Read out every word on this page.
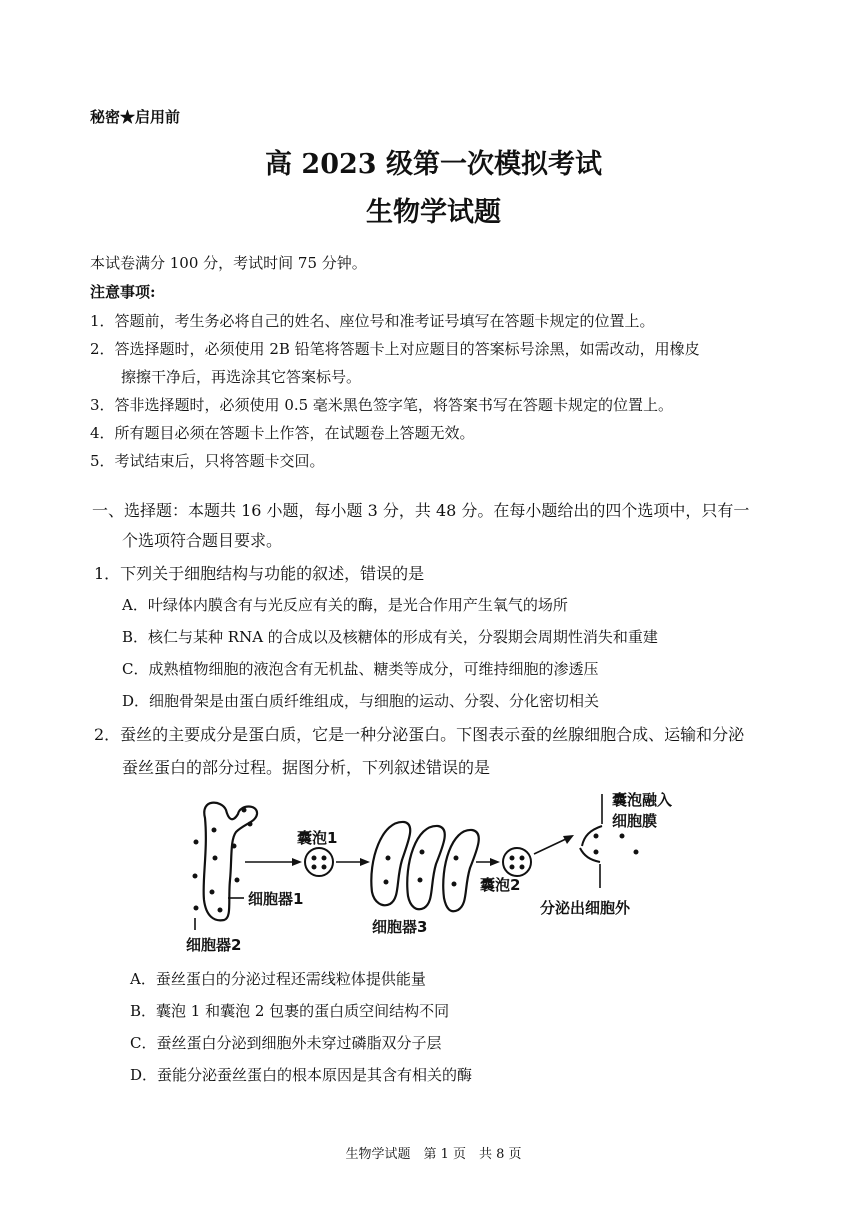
秘密★启用前
高 2023 级第一次模拟考试
生物学试题
本试卷满分 100 分，考试时间 75 分钟。
注意事项:
1．答题前，考生务必将自己的姓名、座位号和准考证号填写在答题卡规定的位置上。
2．答选择题时，必须使用 2B 铅笔将答题卡上对应题目的答案标号涂黑，如需改动，用橡皮
擦擦干净后，再选涂其它答案标号。
3．答非选择题时，必须使用 0.5 毫米黑色签字笔，将答案书写在答题卡规定的位置上。
4．所有题目必须在答题卡上作答，在试题卷上答题无效。
5．考试结束后，只将答题卡交回。
一、选择题：本题共 16 小题，每小题 3 分，共 48 分。在每小题给出的四个选项中，只有一
个选项符合题目要求。
1．下列关于细胞结构与功能的叙述，错误的是
A．叶绿体内膜含有与光反应有关的酶，是光合作用产生氧气的场所
B．核仁与某种 RNA 的合成以及核糖体的形成有关，分裂期会周期性消失和重建
C．成熟植物细胞的液泡含有无机盐、糖类等成分，可维持细胞的渗透压
D．细胞骨架是由蛋白质纤维组成，与细胞的运动、分裂、分化密切相关
2．蚕丝的主要成分是蛋白质，它是一种分泌蛋白。下图表示蚕的丝腺细胞合成、运输和分泌
蚕丝蛋白的部分过程。据图分析，下列叙述错误的是
囊泡1
囊泡2
细胞器1
细胞器2
细胞器3
囊泡融入
细胞膜
分泌出细胞外
A．蚕丝蛋白的分泌过程还需线粒体提供能量
B．囊泡 1 和囊泡 2 包裹的蛋白质空间结构不同
C．蚕丝蛋白分泌到细胞外未穿过磷脂双分子层
D．蚕能分泌蚕丝蛋白的根本原因是其含有相关的酶
生物学试题　第 1 页　共 8 页
